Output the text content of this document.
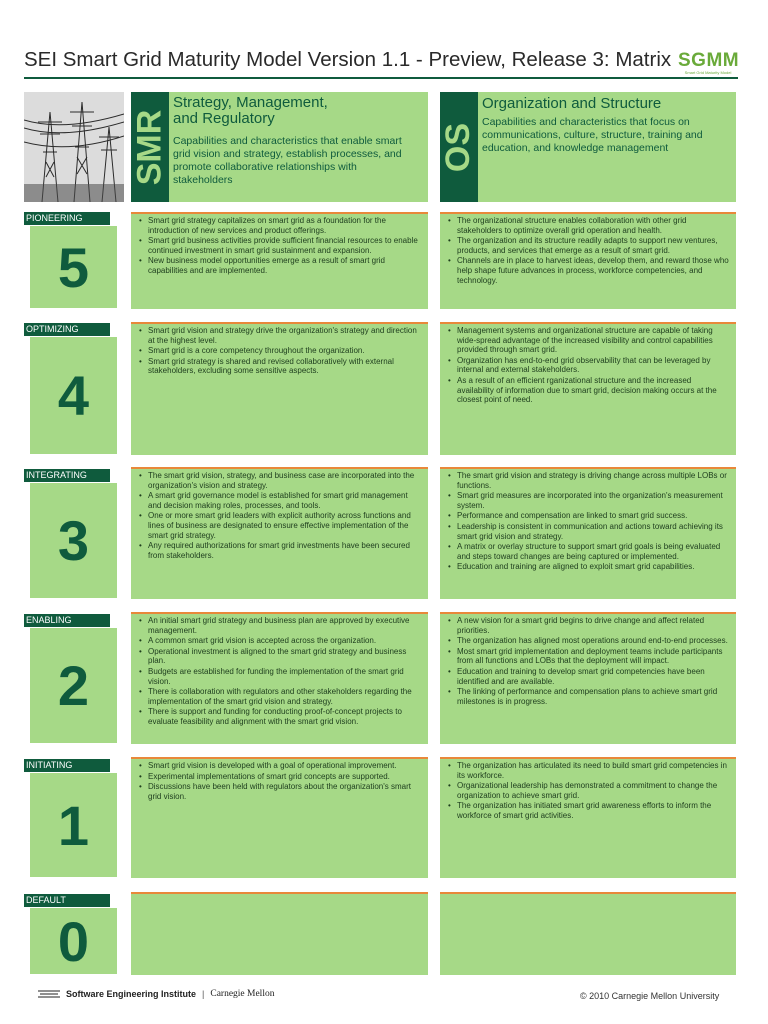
SEI Smart Grid Maturity Model Version 1.1 - Preview, Release 3: Matrix SGMM
Smart Grid Maturity Model
SMR
Strategy, Management,
and Regulatory
Capabilities and characteristics that enable smart grid vision and strategy, establish processes, and promote collaborative relationships with stakeholders
OS
Organization and Structure
Capabilities and characteristics that focus on communications, culture, structure, training and education, and knowledge management
PIONEERING
5
• Smart grid strategy capitalizes on smart grid as a foundation for the introduction of new services and product offerings.
• Smart grid business activities provide sufficient financial resources to enable continued investment in smart grid sustainment and expansion.
• New business model opportunities emerge as a result of smart grid capabilities and are implemented.
• The organizational structure enables collaboration with other grid stakeholders to optimize overall grid operation and health.
• The organization and its structure readily adapts to support new ventures, products, and services that emerge as a result of smart grid.
• Channels are in place to harvest ideas, develop them, and reward those who help shape future advances in process, workforce competencies, and technology.
OPTIMIZING
4
• Smart grid vision and strategy drive the organization's strategy and direction at the highest level.
• Smart grid is a core competency throughout the organization.
• Smart grid strategy is shared and revised collaboratively with external stakeholders, excluding some sensitive aspects.
• Management systems and organizational structure are capable of taking wide-spread advantage of the increased visibility and control capabilities provided through smart grid.
• Organization has end-to-end grid observability that can be leveraged by internal and external stakeholders.
• As a result of an efficient rganizational structure and the increased availability of information due to smart grid, decision making occurs at the closest point of need.
INTEGRATING
3
• The smart grid vision, strategy, and business case are incorporated into the organization's vision and strategy.
• A smart grid governance model is established for smart grid management and decision making roles, processes, and tools.
• One or more smart grid leaders with explicit authority across functions and lines of business are designated to ensure effective implementation of the smart grid strategy.
• Any required authorizations for smart grid investments have been secured from stakeholders.
• The smart grid vision and strategy is driving change across multiple LOBs or functions.
• Smart grid measures are incorporated into the organization's measurement system.
• Performance and compensation are linked to smart grid success.
• Leadership is consistent in communication and actions toward achieving its smart grid vision and strategy.
• A matrix or overlay structure to support smart grid goals is being evaluated and steps toward changes are being captured or implemented.
• Education and training are aligned to exploit smart grid capabilities.
ENABLING
2
• An initial smart grid strategy and business plan are approved by executive management.
• A common smart grid vision is accepted across the organization.
• Operational investment is aligned to the smart grid strategy and business plan.
• Budgets are established for funding the implementation of the smart grid vision.
• There is collaboration with regulators and other stakeholders regarding the implementation of the smart grid vision and strategy.
• There is support and funding for conducting proof-of-concept projects to evaluate feasibility and alignment with the smart grid vision.
• A new vision for a smart grid begins to drive change and affect related priorities.
• The organization has aligned most operations around end-to-end processes.
• Most smart grid implementation and deployment teams include participants from all functions and LOBs that the deployment will impact.
• Education and training to develop smart grid competencies have been identified and are available.
• The linking of performance and compensation plans to achieve smart grid milestones is in progress.
INITIATING
1
• Smart grid vision is developed with a goal of operational improvement.
• Experimental implementations of smart grid concepts are supported.
• Discussions have been held with regulators about the organization's smart grid vision.
• The organization has articulated its need to build smart grid competencies in its workforce.
• Organizational leadership has demonstrated a commitment to change the organization to achieve smart grid.
• The organization has initiated smart grid awareness efforts to inform the workforce of smart grid activities.
DEFAULT
0
Software Engineering Institute | Carnegie Mellon	© 2010 Carnegie Mellon University
